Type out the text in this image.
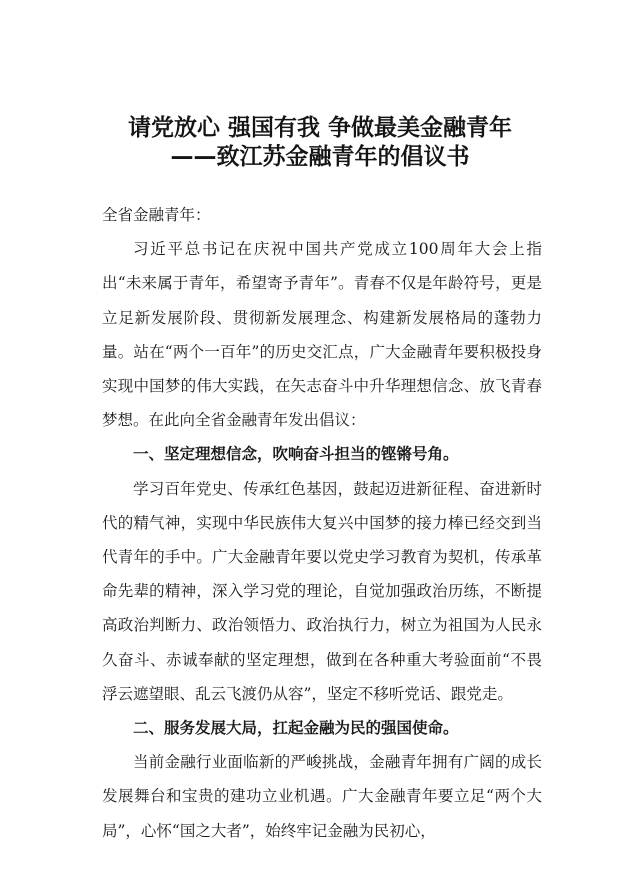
请党放心 强国有我 争做最美金融青年
——致江苏金融青年的倡议书

全省金融青年：

习近平总书记在庆祝中国共产党成立100周年大会上指出“未来属于青年，希望寄予青年”。青春不仅是年龄符号，更是立足新发展阶段、贯彻新发展理念、构建新发展格局的蓬勃力量。站在“两个一百年”的历史交汇点，广大金融青年要积极投身实现中国梦的伟大实践，在矢志奋斗中升华理想信念、放飞青春梦想。在此向全省金融青年发出倡议：

一、坚定理想信念，吹响奋斗担当的铿锵号角。

学习百年党史、传承红色基因，鼓起迈进新征程、奋进新时代的精气神，实现中华民族伟大复兴中国梦的接力棒已经交到当代青年的手中。广大金融青年要以党史学习教育为契机，传承革命先辈的精神，深入学习党的理论，自觉加强政治历练，不断提高政治判断力、政治领悟力、政治执行力，树立为祖国为人民永久奋斗、赤诚奉献的坚定理想，做到在各种重大考验面前“不畏浮云遮望眼、乱云飞渡仍从容”，坚定不移听党话、跟党走。

二、服务发展大局，扛起金融为民的强国使命。

当前金融行业面临新的严峻挑战，金融青年拥有广阔的成长发展舞台和宝贵的建功立业机遇。广大金融青年要立足“两个大局”，心怀“国之大者”，始终牢记金融为民初心，
